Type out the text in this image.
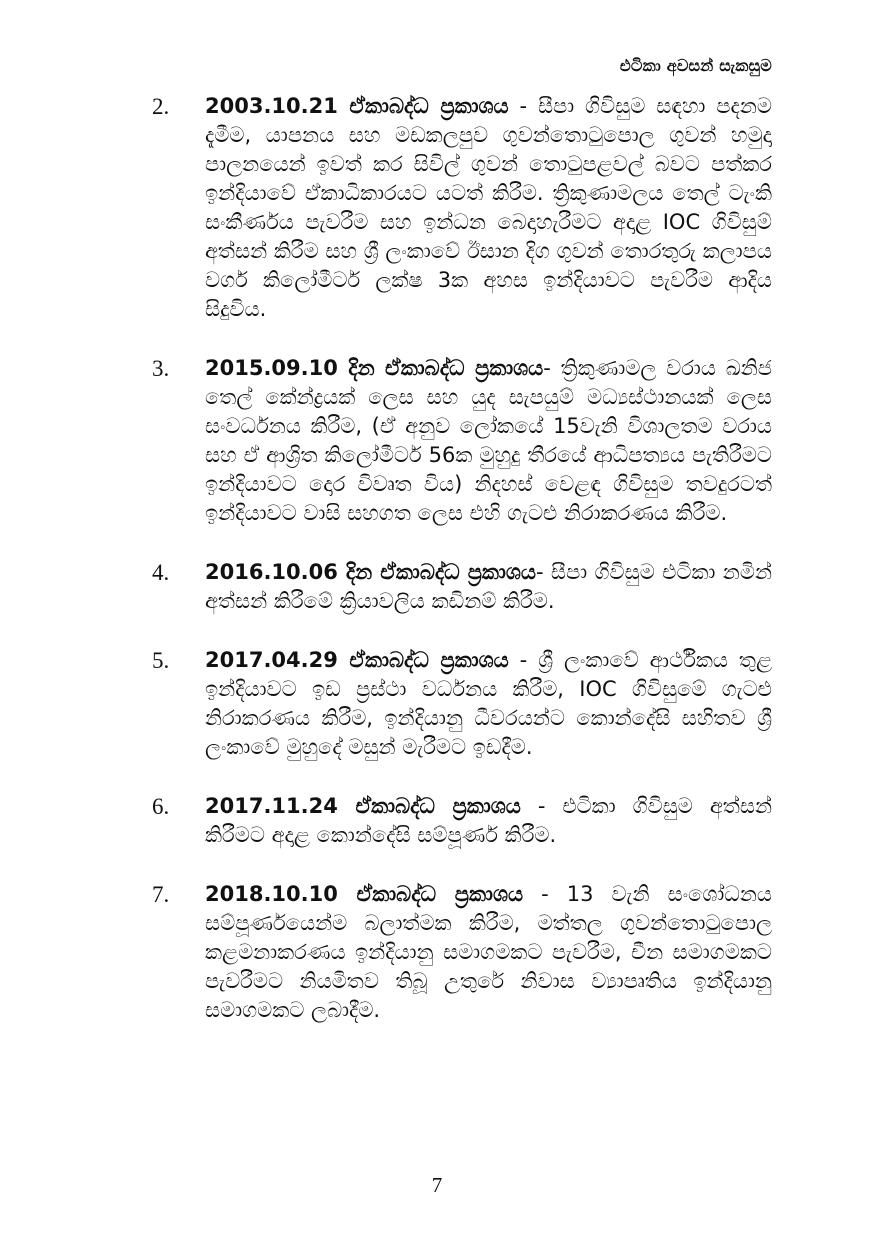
එටිකා අවසන් සැකසුම
2.	2003.10.21 ඒකාබද්ධ ප්‍රකාශය - සීපා ගිවිසුම සඳහා පදනම දැමීම, යාපනය සහ මඩකලපුව ගුවන්තොටුපොල ගුවන් හමුදා පාලනයෙන් ඉවත් කර සිවිල් ගුවන් තොටුපළවල් බවට පත්කර ඉන්දියාවේ ඒකාධිකාරයට යටත් කිරීම. ත්‍රිකුණාමලය තෙල් ටැංකි සංකීර්ණය පැවරීම සහ ඉන්ධන බෙදාහැරීමට අදාළ IOC ගිවිසුම් අත්සන් කිරීම සහ ශ්‍රී ලංකාවේ ඊසාන දිග ගුවන් තොරතුරු කලාපය වර්ග කිලෝමීටර් ලක්ෂ 3ක අහස ඉන්දියාවට පැවරීම ආදිය සිදුවිය.
3.	2015.09.10 දින ඒකාබද්ධ ප්‍රකාශය- ත්‍රිකුණාමල වරාය ඛනිජ තෙල් කේන්ද්‍රයක් ලෙස සහ යුද සැපයුම් මධ්‍යස්ථානයක් ලෙස සංවර්ධනය කිරීම, (ඒ අනුව ලෝකයේ 15වැනි විශාලතම වරාය සහ ඒ ආශ්‍රිත කිලෝමීටර් 56ක මුහුදු තීරයේ ආධිපත්‍යය පැතිරීමට ඉන්දියාවට දොර විවෘත විය) නිදහස් වෙළඳ ගිවිසුම තවදුරටත් ඉන්දියාවට වාසි සහගත ලෙස එහි ගැටළු නිරාකරණය කිරීම.
4.	2016.10.06 දින ඒකාබද්ධ ප්‍රකාශය- සීපා ගිවිසුම එටිකා නමින් අත්සන් කිරීමේ ක්‍රියාවලිය කඩිනම් කිරීම.
5.	2017.04.29 ඒකාබද්ධ ප්‍රකාශය - ශ්‍රී ලංකාවේ ආර්ථිකය තුළ ඉන්දියාවට ඉඩ ප්‍රස්ථා වර්ධනය කිරීම, IOC ගිවිසුමේ ගැටළු නිරාකරණය කිරීම, ඉන්දියානු ධීවරයන්ට කොන්දේසි සහිතව ශ්‍රී ලංකාවේ මුහුදේ මසුන් මැරීමට ඉඩදීම.
6.	2017.11.24 ඒකාබද්ධ ප්‍රකාශය - එටිකා ගිවිසුම අත්සන් කිරීමට අදාළ කොන්දේසි සම්පූර්ණ කිරීම.
7.	2018.10.10 ඒකාබද්ධ ප්‍රකාශය - 13 වැනි සංශෝධනය සම්පූර්ණයෙන්ම බලාත්මක කිරීම, මත්තල ගුවන්තොටුපොල කළමනාකරණය ඉන්දියානු සමාගමකට පැවරීම, චීන සමාගමකට පැවරීමට නියමිතව තිබූ උතුරේ නිවාස ව්‍යාපෘතිය ඉන්දියානු සමාගමකට ලබාදීම.
7
